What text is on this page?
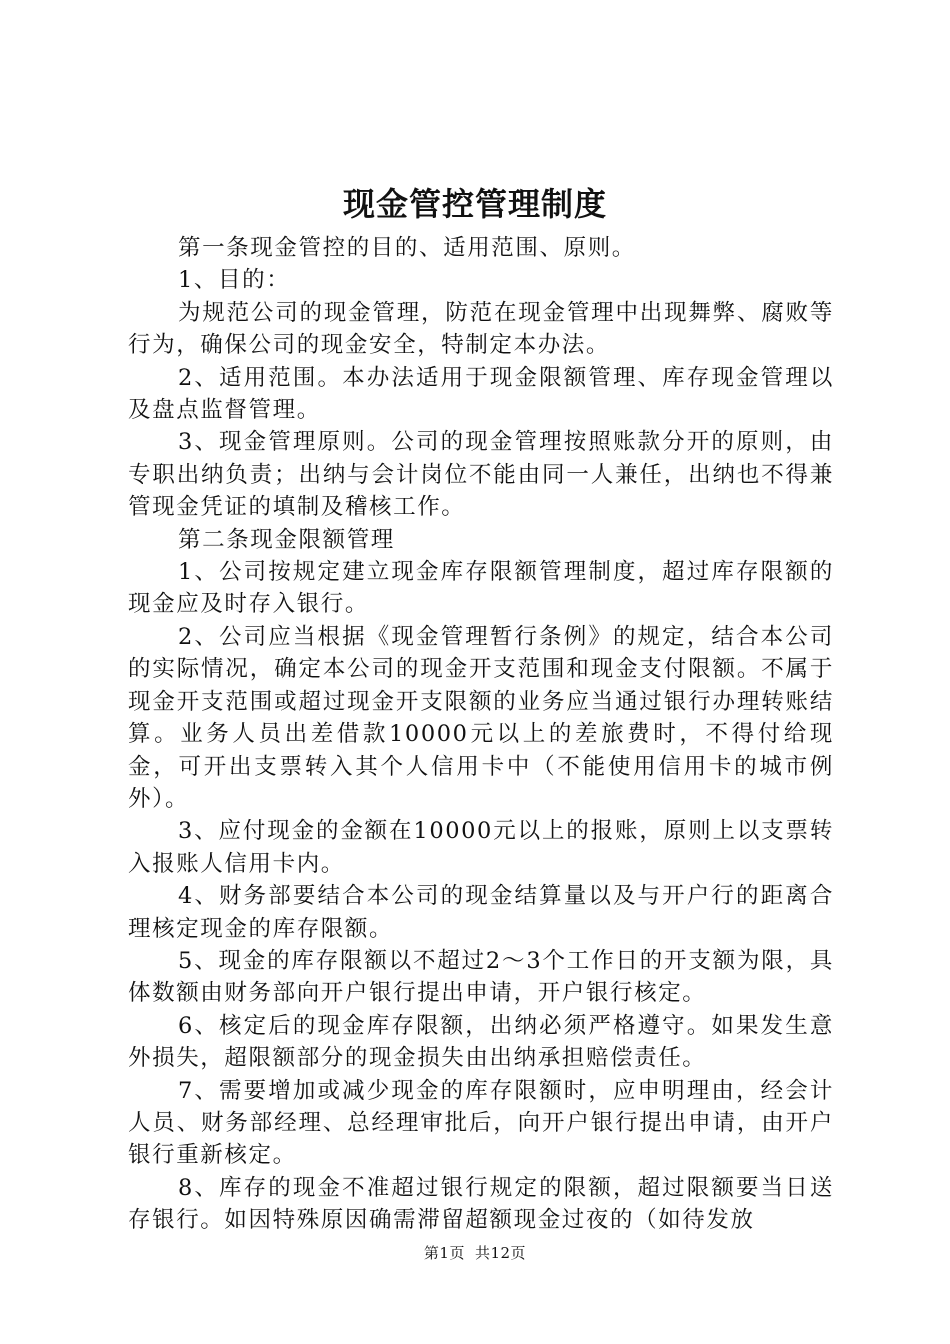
现金管控管理制度

第一条现金管控的目的、适用范围、原则。

1、目的：

为规范公司的现金管理，防范在现金管理中出现舞弊、腐败等行为，确保公司的现金安全，特制定本办法。

2、适用范围。本办法适用于现金限额管理、库存现金管理以及盘点监督管理。

3、现金管理原则。公司的现金管理按照账款分开的原则，由专职出纳负责；出纳与会计岗位不能由同一人兼任，出纳也不得兼管现金凭证的填制及稽核工作。

第二条现金限额管理

1、公司按规定建立现金库存限额管理制度，超过库存限额的现金应及时存入银行。

2、公司应当根据《现金管理暂行条例》的规定，结合本公司的实际情况，确定本公司的现金开支范围和现金支付限额。不属于现金开支范围或超过现金开支限额的业务应当通过银行办理转账结算。业务人员出差借款10000元以上的差旅费时，不得付给现金，可开出支票转入其个人信用卡中（不能使用信用卡的城市例外）。

3、应付现金的金额在10000元以上的报账，原则上以支票转入报账人信用卡内。

4、财务部要结合本公司的现金结算量以及与开户行的距离合理核定现金的库存限额。

5、现金的库存限额以不超过2～3个工作日的开支额为限，具体数额由财务部向开户银行提出申请，开户银行核定。

6、核定后的现金库存限额，出纳必须严格遵守。如果发生意外损失，超限额部分的现金损失由出纳承担赔偿责任。

7、需要增加或减少现金的库存限额时，应申明理由，经会计人员、财务部经理、总经理审批后，向开户银行提出申请，由开户银行重新核定。

8、库存的现金不准超过银行规定的限额，超过限额要当日送存银行。如因特殊原因确需滞留超额现金过夜的（如待发放

第1页 共12页
